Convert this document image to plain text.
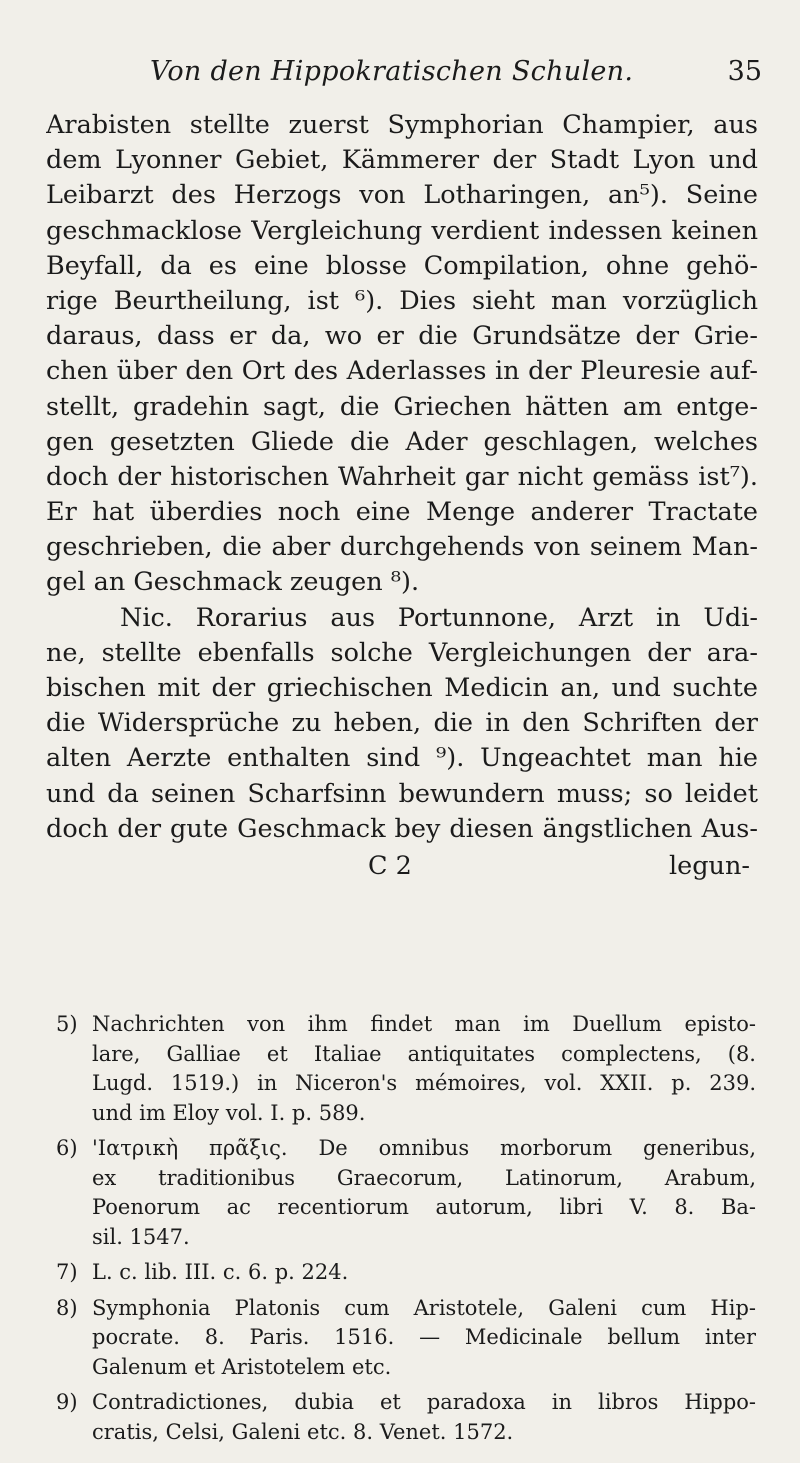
Von den Hippokratischen Schulen.	35
Arabisten stellte zuerst Symphorian Champier, aus
dem Lyonner Gebiet, Kämmerer der Stadt Lyon und
Leibarzt des Herzogs von Lotharingen, an⁵). Seine
geschmacklose Vergleichung verdient indessen keinen
Beyfall, da es eine blosse Compilation, ohne gehö-
rige Beurtheilung, ist ⁶). Dies sieht man vorzüglich
daraus, dass er da, wo er die Grundsätze der Grie-
chen über den Ort des Aderlasses in der Pleuresie auf-
stellt, gradehin sagt, die Griechen hätten am entge-
gen gesetzten Gliede die Ader geschlagen, welches
doch der historischen Wahrheit gar nicht gemäss ist⁷).
Er hat überdies noch eine Menge anderer Tractate
geschrieben, die aber durchgehends von seinem Man-
gel an Geschmack zeugen ⁸).
Nic. Rorarius aus Portunnone, Arzt in Udi-
ne, stellte ebenfalls solche Vergleichungen der ara-
bischen mit der griechischen Medicin an, und suchte
die Widersprüche zu heben, die in den Schriften der
alten Aerzte enthalten sind ⁹). Ungeachtet man hie
und da seinen Scharfsinn bewundern muss; so leidet
doch der gute Geschmack bey diesen ängstlichen Aus-
C 2	legun-
5) Nachrichten von ihm findet man im Duellum episto-
lare, Galliae et Italiae antiquitates complectens, (8.
Lugd. 1519.) in Niceron's mémoires, vol. XXII. p. 239.
und im Eloy vol. I. p. 589.
6) 'Ιατρικὴ πρᾶξις. De omnibus morborum generibus,
ex traditionibus Graecorum, Latinorum, Arabum,
Poenorum ac recentiorum autorum, libri V. 8. Ba-
sil. 1547.
7) L. c. lib. III. c. 6. p. 224.
8) Symphonia Platonis cum Aristotele, Galeni cum Hip-
pocrate. 8. Paris. 1516. — Medicinale bellum inter
Galenum et Aristotelem etc.
9) Contradictiones, dubia et paradoxa in libros Hippo-
cratis, Celsi, Galeni etc. 8. Venet. 1572.
